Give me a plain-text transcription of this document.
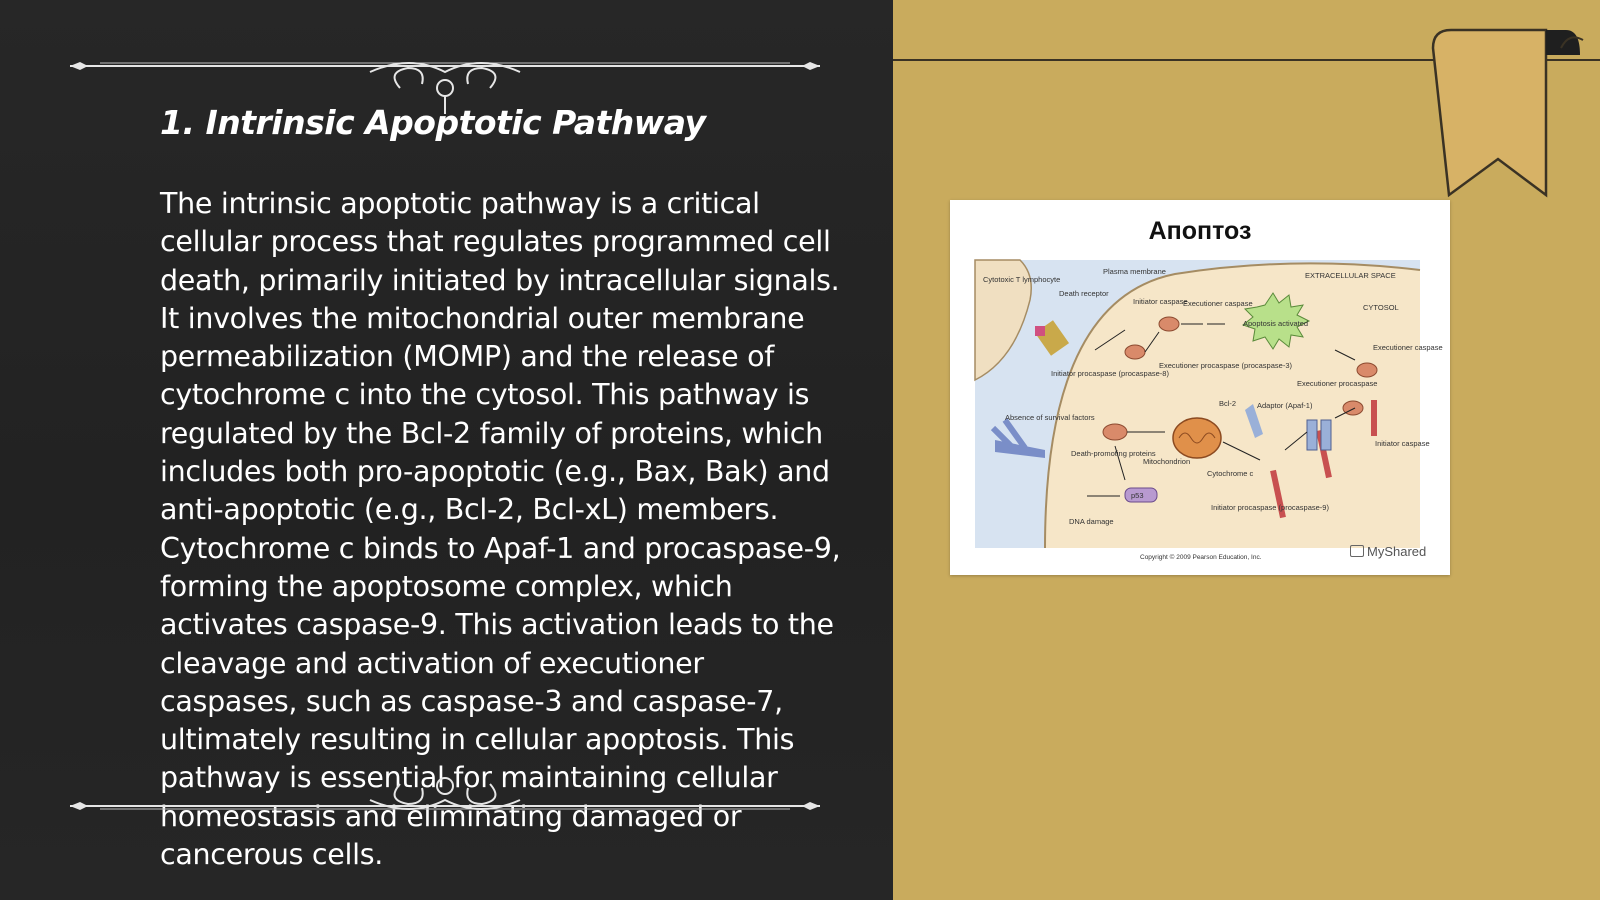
1. Intrinsic Apoptotic Pathway

The intrinsic apoptotic pathway is a critical cellular process that regulates programmed cell death, primarily initiated by intracellular signals. It involves the mitochondrial outer membrane permeabilization (MOMP) and the release of cytochrome c into the cytosol. This pathway is regulated by the Bcl-2 family of proteins, which includes both pro-apoptotic (e.g., Bax, Bak) and anti-apoptotic (e.g., Bcl-2, Bcl-xL) members. Cytochrome c binds to Apaf-1 and procaspase-9, forming the apoptosome complex, which activates caspase-9. This activation leads to the cleavage and activation of executioner caspases, such as caspase-3 and caspase-7, ultimately resulting in cellular apoptosis. This pathway is essential for maintaining cellular homeostasis and eliminating damaged or cancerous cells.

Апоптоз
p53
Cytotoxic T lymphocyte
Plasma membrane	EXTRACELLULAR SPACE
CYTOSOL
Death receptor
Initiator caspase
Executioner caspase
Apoptosis activated
Initiator procaspase (procaspase-8)
Executioner procaspase (procaspase-3)
Executioner caspase
Executioner procaspase
Absence of survival factors
Death-promoting proteins
Mitochondrion
Bcl-2	Adaptor (Apaf-1)
Cytochrome c
Initiator caspase
Initiator procaspase (procaspase-9)
DNA damage

Copyright © 2009 Pearson Education, Inc.	MyShared
